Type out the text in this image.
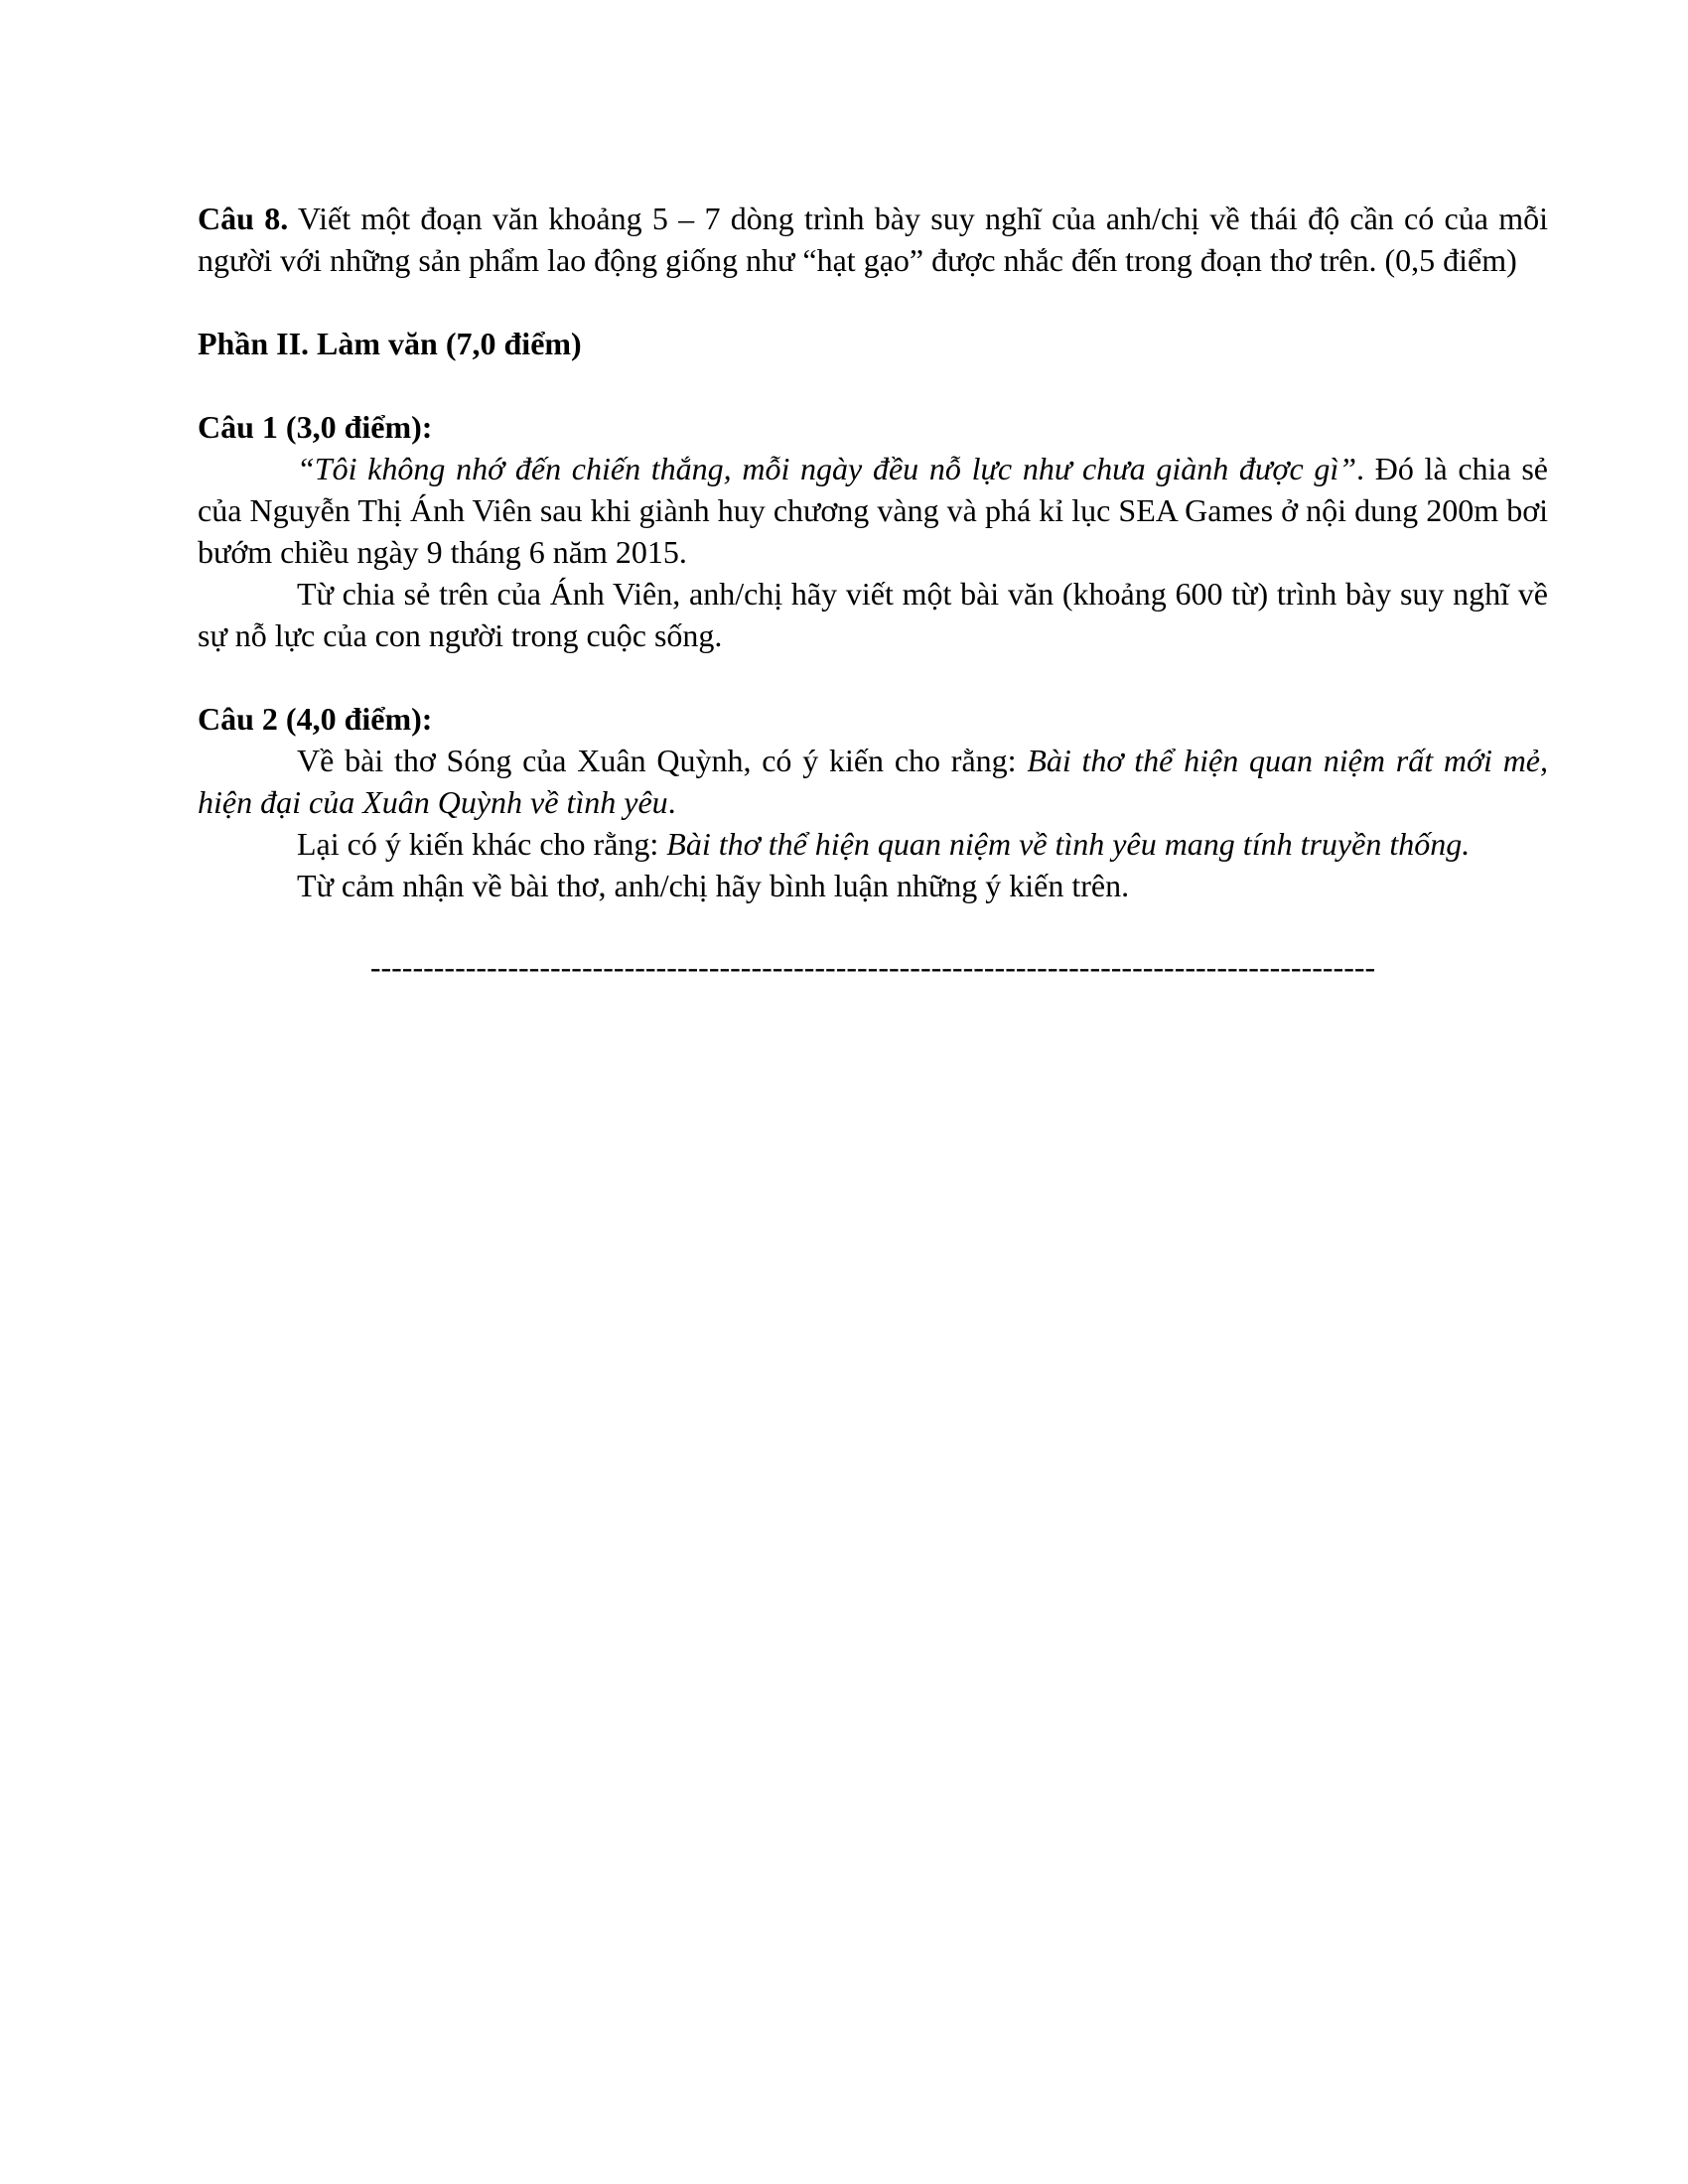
Câu 8. Viết một đoạn văn khoảng 5 – 7 dòng trình bày suy nghĩ của anh/chị về thái độ cần có của mỗi người với những sản phẩm lao động giống như “hạt gạo” được nhắc đến trong đoạn thơ trên. (0,5 điểm)

Phần II. Làm văn (7,0 điểm)

Câu 1 (3,0 điểm):

“Tôi không nhớ đến chiến thắng, mỗi ngày đều nỗ lực như chưa giành được gì”. Đó là chia sẻ của Nguyễn Thị Ánh Viên sau khi giành huy chương vàng và phá kỉ lục SEA Games ở nội dung 200m bơi bướm chiều ngày 9 tháng 6 năm 2015.

Từ chia sẻ trên của Ánh Viên, anh/chị hãy viết một bài văn (khoảng 600 từ) trình bày suy nghĩ về sự nỗ lực của con người trong cuộc sống.

Câu 2 (4,0 điểm):

Về bài thơ Sóng của Xuân Quỳnh, có ý kiến cho rằng: Bài thơ thể hiện quan niệm rất mới mẻ, hiện đại của Xuân Quỳnh về tình yêu.

Lại có ý kiến khác cho rằng: Bài thơ thể hiện quan niệm về tình yêu mang tính truyền thống.

Từ cảm nhận về bài thơ, anh/chị hãy bình luận những ý kiến trên.

-----------------------------------------------------------------------------------------------
